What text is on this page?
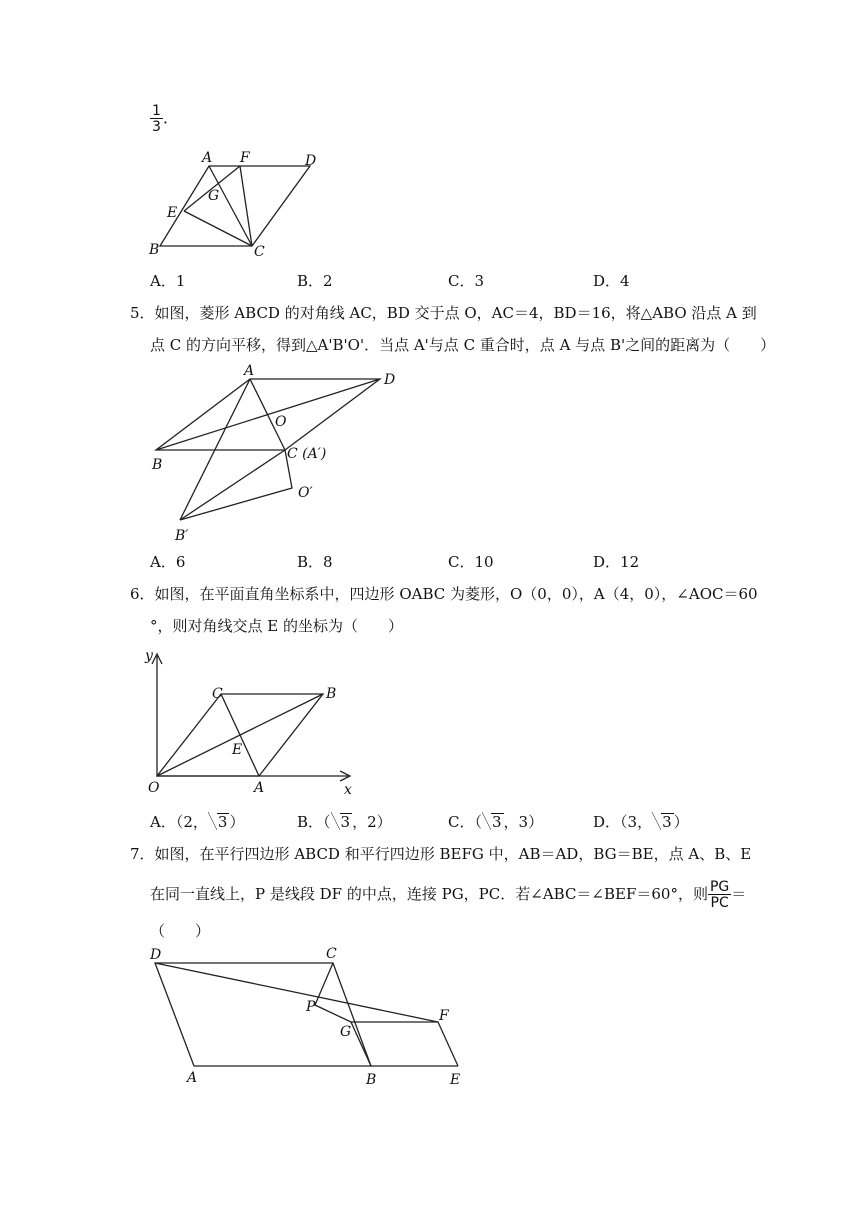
$\frac{1}{3}$ .
A F	D
G
E
B	C
A．1	B．2	C．3	D．4
5．如图，菱形 ABCD 的对角线 AC，BD 交于点 O，AC＝4，BD＝16，将△ABO 沿点 A 到
点 C 的方向平移，得到△A'B'O'．当点 A'与点 C 重合时，点 A 与点 B'之间的距离为（　　）
A
D
O
B
C (A′)
O′
B′
A．6	B．8	C．10	D．12
6．如图，在平面直角坐标系中，四边形 OABC 为菱形，O（0，0），A（4，0），∠AOC＝60
°，则对角线交点 E 的坐标为（　　）
y
x
O	A
B
C
E
A．（2， 3 ）	B．（ 3 ，2）	C．（ 3 ，3）	D．（3， 3 ）
7．如图，在平行四边形 ABCD 和平行四边形 BEFG 中，AB＝AD，BG＝BE，点 A、B、E
在同一直线上，P 是线段 DF 的中点，连接 PG，PC．若∠ABC＝∠BEF＝60°，则 $\frac{PG}{PC}$ ＝
（　　）
D	C
P
F
G
A	B	E
